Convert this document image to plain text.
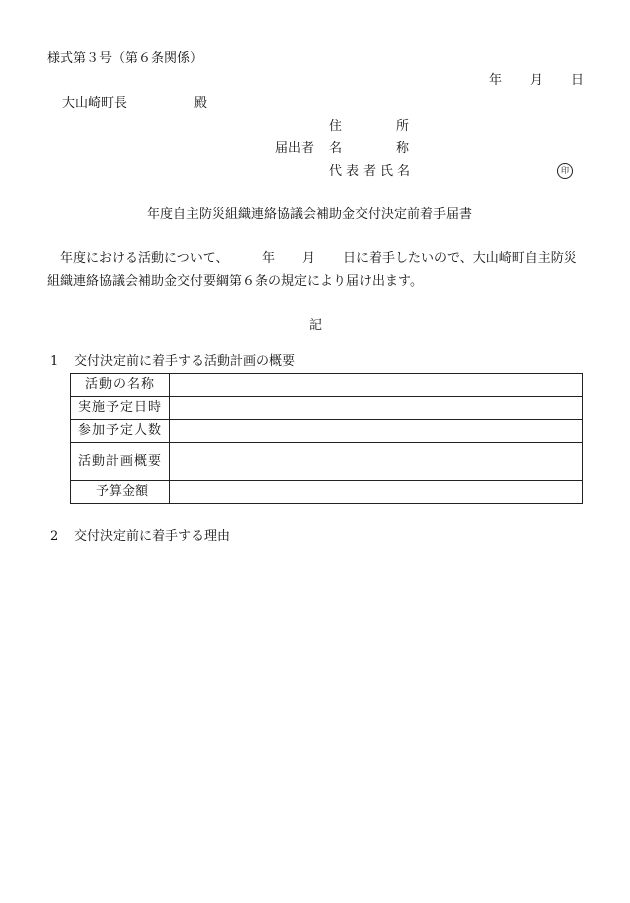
様式第３号（第６条関係）
年 月 日
大山崎町長	殿
住	所
届出者 名	称
代表者氏名	印
年度自主防災組織連絡協議会補助金交付決定前着手届書
年度における活動について、	年 月 日に着手したいので、大山崎町自主防災
組織連絡協議会補助金交付要綱第６条の規定により届け出ます。
記
1 交付決定前に着手する活動計画の概要
活動の名称	
実施予定日時	
参加予定人数	
活動計画概要	
予算金額	
2 交付決定前に着手する理由
